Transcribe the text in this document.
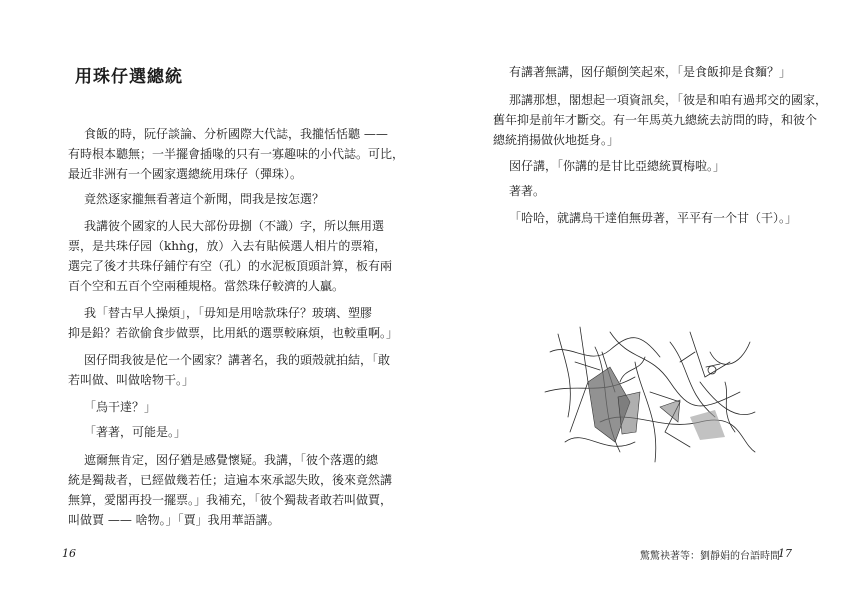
用珠仔選總統

食飯的時，阮仔談論、分析國際大代誌，我攏恬恬聽 ——

有時根本聽無；一半擺會插喙的只有一寡趣味的小代誌。可比，

最近非洲有一个國家選總統用珠仔（彈珠）。

竟然逐家攏無看著這个新聞，問我是按怎選？

我講彼个國家的人民大部份毋捌（不識）字，所以無用選

票，是共珠仔园（khǹg，放）入去有貼候選人相片的票箱，

選完了後才共珠仔鋪佇有空（孔）的水泥板頂頭計算，板有兩

百个空和五百个空兩種規格。當然珠仔較濟的人贏。

我「替古早人操煩」，「毋知是用啥款珠仔？玻璃、塑膠

抑是鉛？若欲偷食步做票，比用紙的選票較麻煩，也較重啊。」

囡仔問我彼是佗一个國家？講著名，我的頭殼就拍結，「敢

若叫做、叫做啥物干。」

「烏干達？」

「著著，可能是。」

遮爾無肯定，囡仔猶是感覺懷疑。我講，「彼个落選的總

統是獨裁者，已經做幾若任；這遍本來承認失敗，後來竟然講

無算，愛閣再投一擺票。」我補充，「彼个獨裁者敢若叫做賈，

叫做賈 —— 啥物。」「賈」我用華語講。

16

有講著無講，囡仔顛倒笑起來，「是食飯抑是食麵？」

那講那想，閣想起一項資訊矣，「彼是和咱有過邦交的國家，

舊年抑是前年才斷交。有一年馬英九總統去訪問的時，和彼个

總統捎揚做伙地挺身。」

囡仔講，「你講的是甘比亞總統賈梅啦。」

著著。

「哈哈，就講烏干達㑑無毋著，平平有一个甘（干）。」

驚驚袂著等：劉靜娟的台語時間
17
